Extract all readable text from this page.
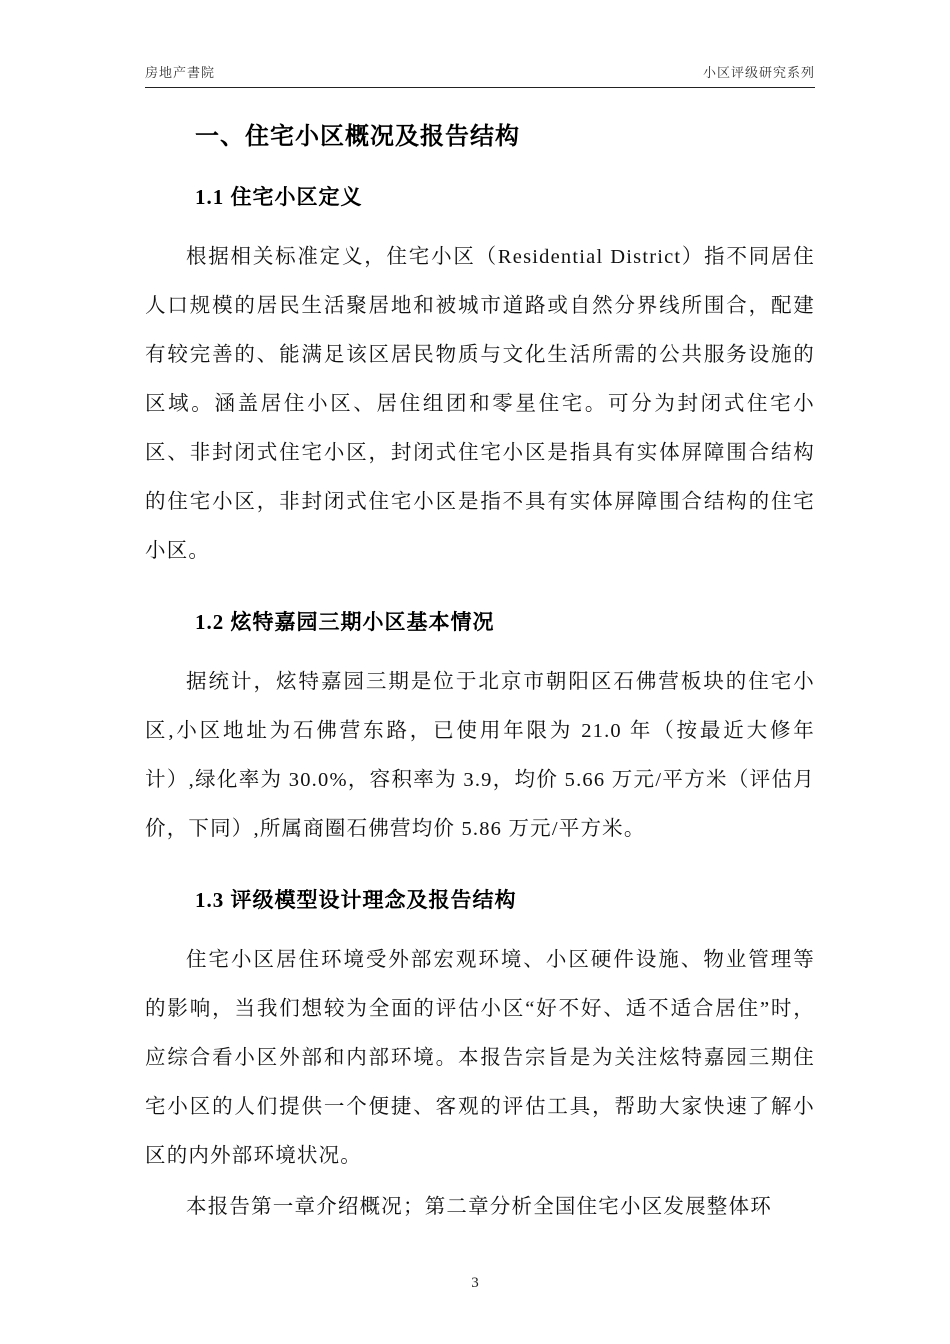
房地产書院	小区评级研究系列
一、住宅小区概况及报告结构
1.1 住宅小区定义

根据相关标准定义，住宅小区（Residential District）指不同居住人口规模的居民生活聚居地和被城市道路或自然分界线所围合，配建有较完善的、能满足该区居民物质与文化生活所需的公共服务设施的区域。涵盖居住小区、居住组团和零星住宅。可分为封闭式住宅小区、非封闭式住宅小区，封闭式住宅小区是指具有实体屏障围合结构的住宅小区，非封闭式住宅小区是指不具有实体屏障围合结构的住宅小区。

1.2 炫特嘉园三期小区基本情况

据统计，炫特嘉园三期是位于北京市朝阳区石佛营板块的住宅小区,小区地址为石佛营东路，已使用年限为 21.0 年（按最近大修年计）,绿化率为 30.0%，容积率为 3.9，均价 5.66 万元/平方米（评估月价，下同）,所属商圈石佛营均价 5.86 万元/平方米。

1.3 评级模型设计理念及报告结构

住宅小区居住环境受外部宏观环境、小区硬件设施、物业管理等的影响，当我们想较为全面的评估小区“好不好、适不适合居住”时，应综合看小区外部和内部环境。本报告宗旨是为关注炫特嘉园三期住宅小区的人们提供一个便捷、客观的评估工具，帮助大家快速了解小区的内外部环境状况。

本报告第一章介绍概况；第二章分析全国住宅小区发展整体环

3
